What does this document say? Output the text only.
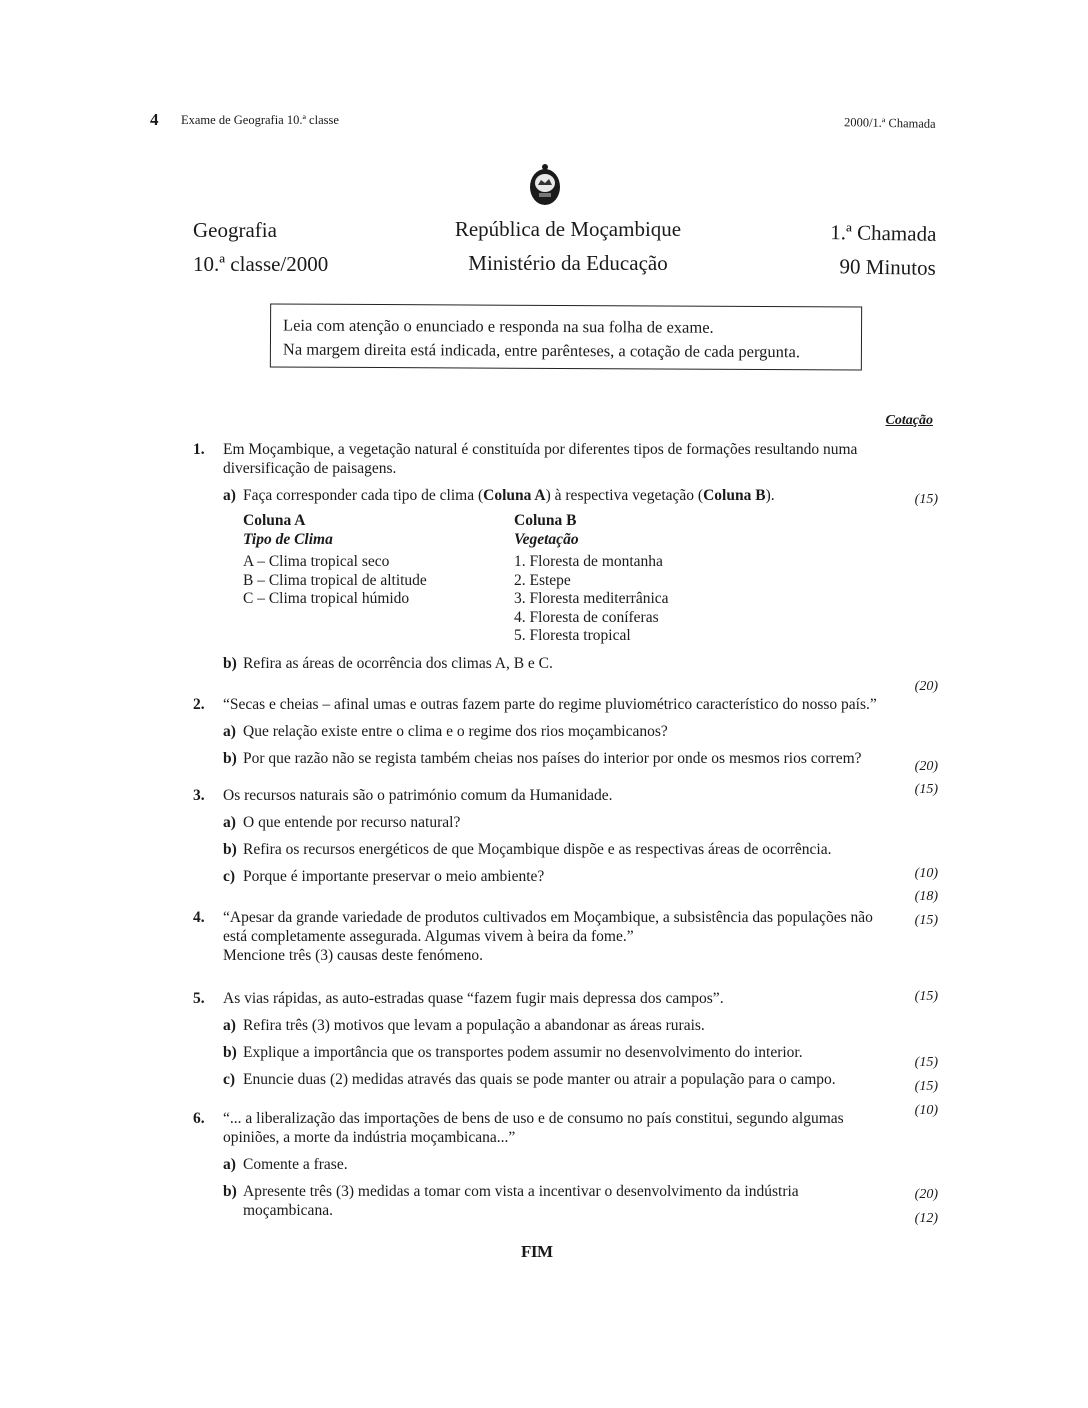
4 Exame de Geografia 10.ª classe	2000/1.ª Chamada
Geografia
10.ª classe/2000
República de Moçambique
Ministério da Educação
1.ª Chamada
90 Minutos
Leia com atenção o enunciado e responda na sua folha de exame.
Na margem direita está indicada, entre parênteses, a cotação de cada pergunta.
Cotação
1. Em Moçambique, a vegetação natural é constituída por diferentes tipos de formações resultando numa diversificação de paisagens.
a) Faça corresponder cada tipo de clima (Coluna A) à respectiva vegetação (Coluna B).
Coluna A
Tipo de Clima
A – Clima tropical seco
B – Clima tropical de altitude
C – Clima tropical húmido
Coluna B
Vegetação
1. Floresta de montanha
2. Estepe
3. Floresta mediterrânica
4. Floresta de coníferas
5. Floresta tropical
b) Refira as áreas de ocorrência dos climas A, B e C.
2. “Secas e cheias – afinal umas e outras fazem parte do regime pluviométrico característico do nosso país.”
a) Que relação existe entre o clima e o regime dos rios moçambicanos?
b) Por que razão não se regista também cheias nos países do interior por onde os mesmos rios correm?
3. Os recursos naturais são o património comum da Humanidade.
a) O que entende por recurso natural?
b) Refira os recursos energéticos de que Moçambique dispõe e as respectivas áreas de ocorrência.
c) Porque é importante preservar o meio ambiente?
4. “Apesar da grande variedade de produtos cultivados em Moçambique, a subsistência das populações não está completamente assegurada. Algumas vivem à beira da fome.”
Mencione três (3) causas deste fenómeno.
5. As vias rápidas, as auto-estradas quase “fazem fugir mais depressa dos campos”.
a) Refira três (3) motivos que levam a população a abandonar as áreas rurais.
b) Explique a importância que os transportes podem assumir no desenvolvimento do interior.
c) Enuncie duas (2) medidas através das quais se pode manter ou atrair a população para o campo.
6. “... a liberalização das importações de bens de uso e de consumo no país constitui, segundo algumas opiniões, a morte da indústria moçambicana...”
a) Comente a frase.
b) Apresente três (3) medidas a tomar com vista a incentivar o desenvolvimento da indústria moçambicana.
(15)
(20)
(20)
(15)
(10)
(18)
(15)
(15)
(15)
(15)
(10)
(20)
(12)
FIM
